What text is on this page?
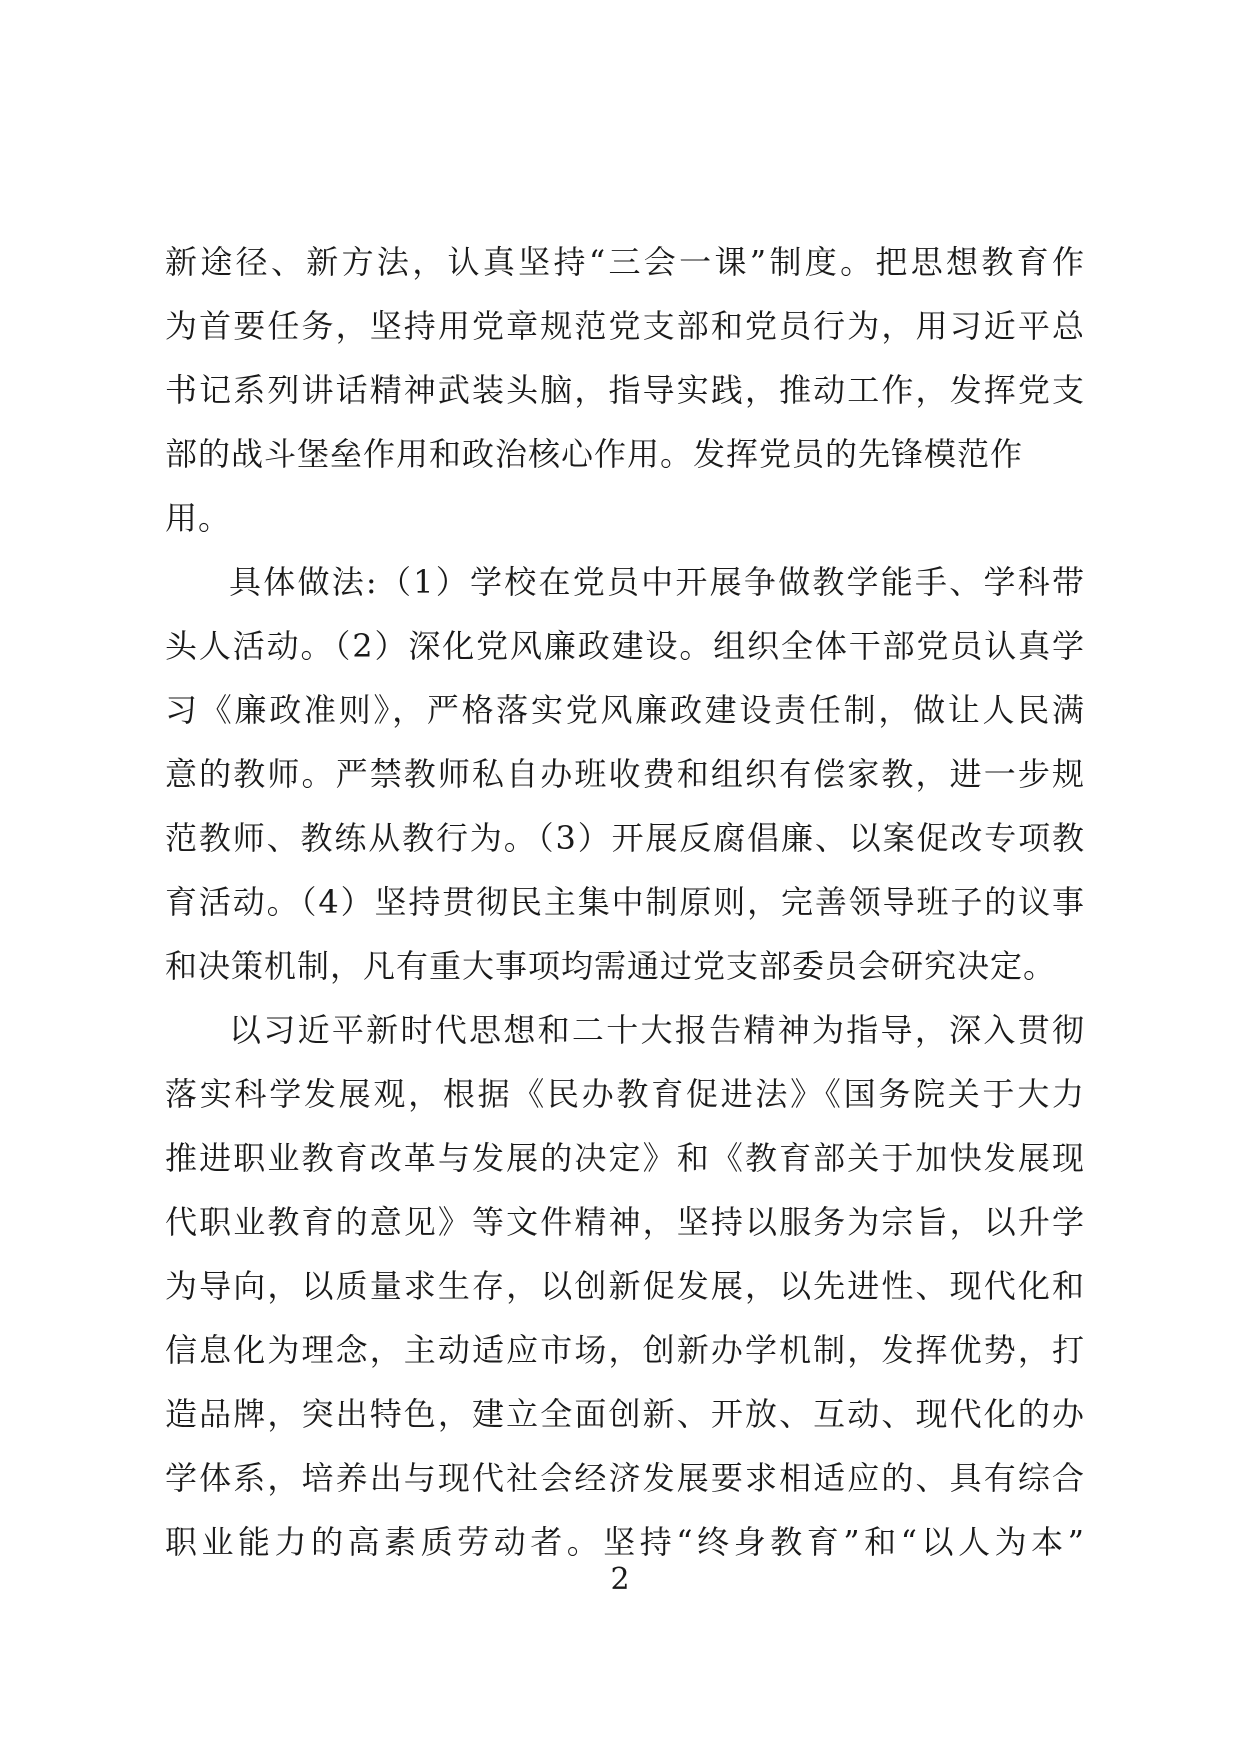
新途径、新方法，认真坚持“三会一课”制度。把思想教育作
为首要任务，坚持用党章规范党支部和党员行为，用习近平总
书记系列讲话精神武装头脑，指导实践，推动工作，发挥党支
部的战斗堡垒作用和政治核心作用。发挥党员的先锋模范作
用。
具体做法:（1）学校在党员中开展争做教学能手、学科带
头人活动。（2）深化党风廉政建设。组织全体干部党员认真学
习《廉政准则》，严格落实党风廉政建设责任制，做让人民满
意的教师。严禁教师私自办班收费和组织有偿家教，进一步规
范教师、教练从教行为。（3）开展反腐倡廉、以案促改专项教
育活动。（4）坚持贯彻民主集中制原则，完善领导班子的议事
和决策机制，凡有重大事项均需通过党支部委员会研究决定。
以习近平新时代思想和二十大报告精神为指导，深入贯彻
落实科学发展观，根据《民办教育促进法》《国务院关于大力
推进职业教育改革与发展的决定》和《教育部关于加快发展现
代职业教育的意见》等文件精神，坚持以服务为宗旨，以升学
为导向，以质量求生存，以创新促发展，以先进性、现代化和
信息化为理念，主动适应市场，创新办学机制，发挥优势，打
造品牌，突出特色，建立全面创新、开放、互动、现代化的办
学体系，培养出与现代社会经济发展要求相适应的、具有综合
职业能力的高素质劳动者。坚持“终身教育”和“以人为本”
2
